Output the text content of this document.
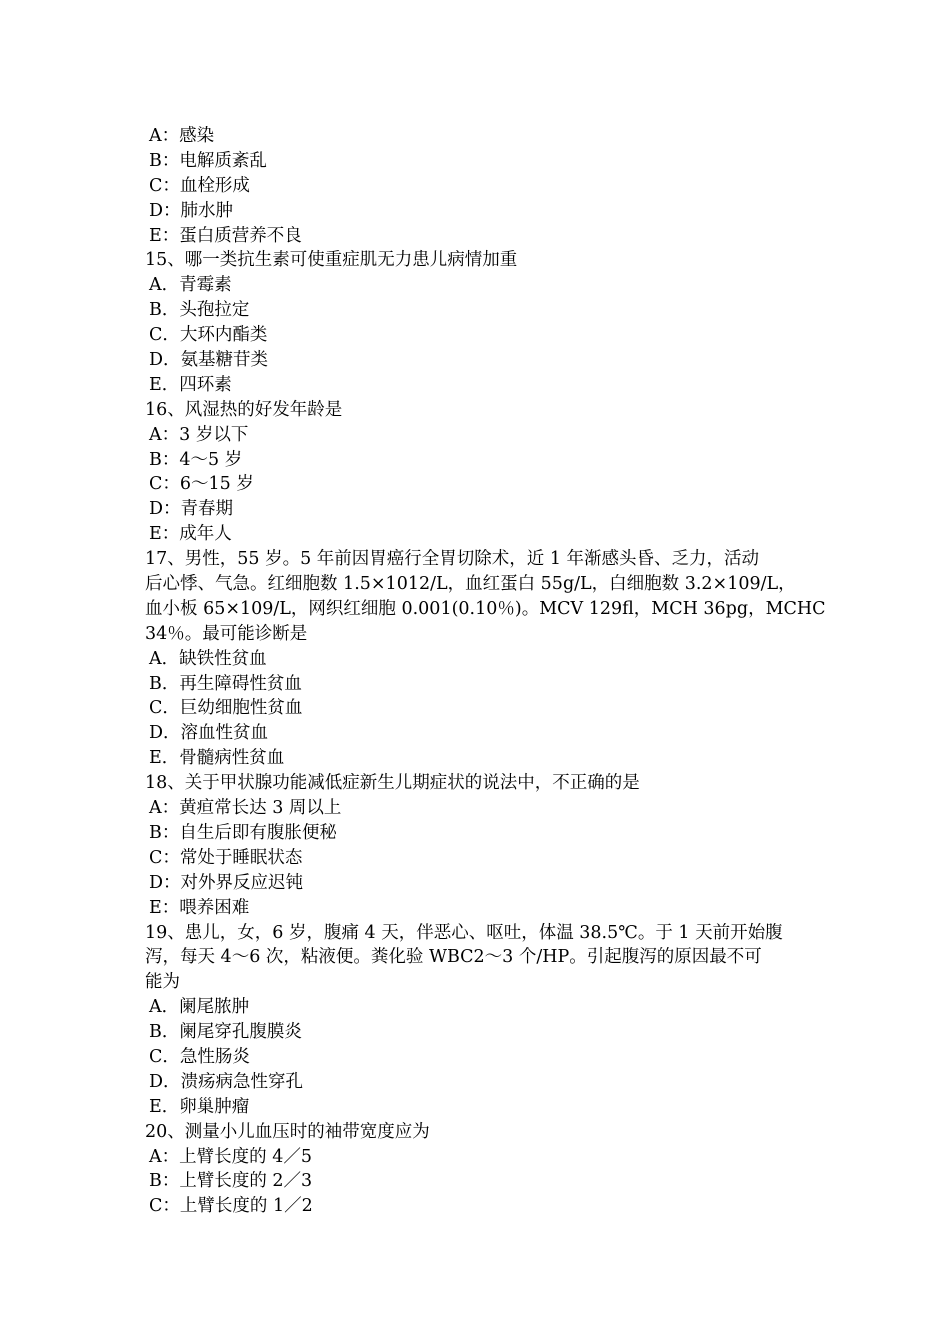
A：感染
B：电解质紊乱
C：血栓形成
D：肺水肿
E：蛋白质营养不良
15、哪一类抗生素可使重症肌无力患儿病情加重
A．青霉素
B．头孢拉定
C．大环内酯类
D．氨基糖苷类
E．四环素
16、风湿热的好发年龄是
A：3 岁以下
B：4～5 岁
C：6～15 岁
D：青春期
E：成年人
17、男性，55 岁。5 年前因胃癌行全胃切除术，近 1 年渐感头昏、乏力，活动
后心悸、气急。红细胞数 1.5×1012/L，血红蛋白 55g/L，白细胞数 3.2×109/L，
血小板 65×109/L，网织红细胞 0.001(0.10％)。MCV 129fl，MCH 36pg，MCHC
34％。最可能诊断是
A．缺铁性贫血
B．再生障碍性贫血
C．巨幼细胞性贫血
D．溶血性贫血
E．骨髓病性贫血
18、关于甲状腺功能减低症新生儿期症状的说法中，不正确的是
A：黄疸常长达 3 周以上
B：自生后即有腹胀便秘
C：常处于睡眠状态
D：对外界反应迟钝
E：喂养困难
19、患儿，女，6 岁，腹痛 4 天，伴恶心、呕吐，体温 38.5℃。于 1 天前开始腹
泻，每天 4～6 次，粘液便。粪化验 WBC2～3 个/HP。引起腹泻的原因最不可
能为
A．阑尾脓肿
B．阑尾穿孔腹膜炎
C．急性肠炎
D．溃疡病急性穿孔
E．卵巢肿瘤
20、测量小儿血压时的袖带宽度应为
A：上臂长度的 4／5
B：上臂长度的 2／3
C：上臂长度的 1／2
